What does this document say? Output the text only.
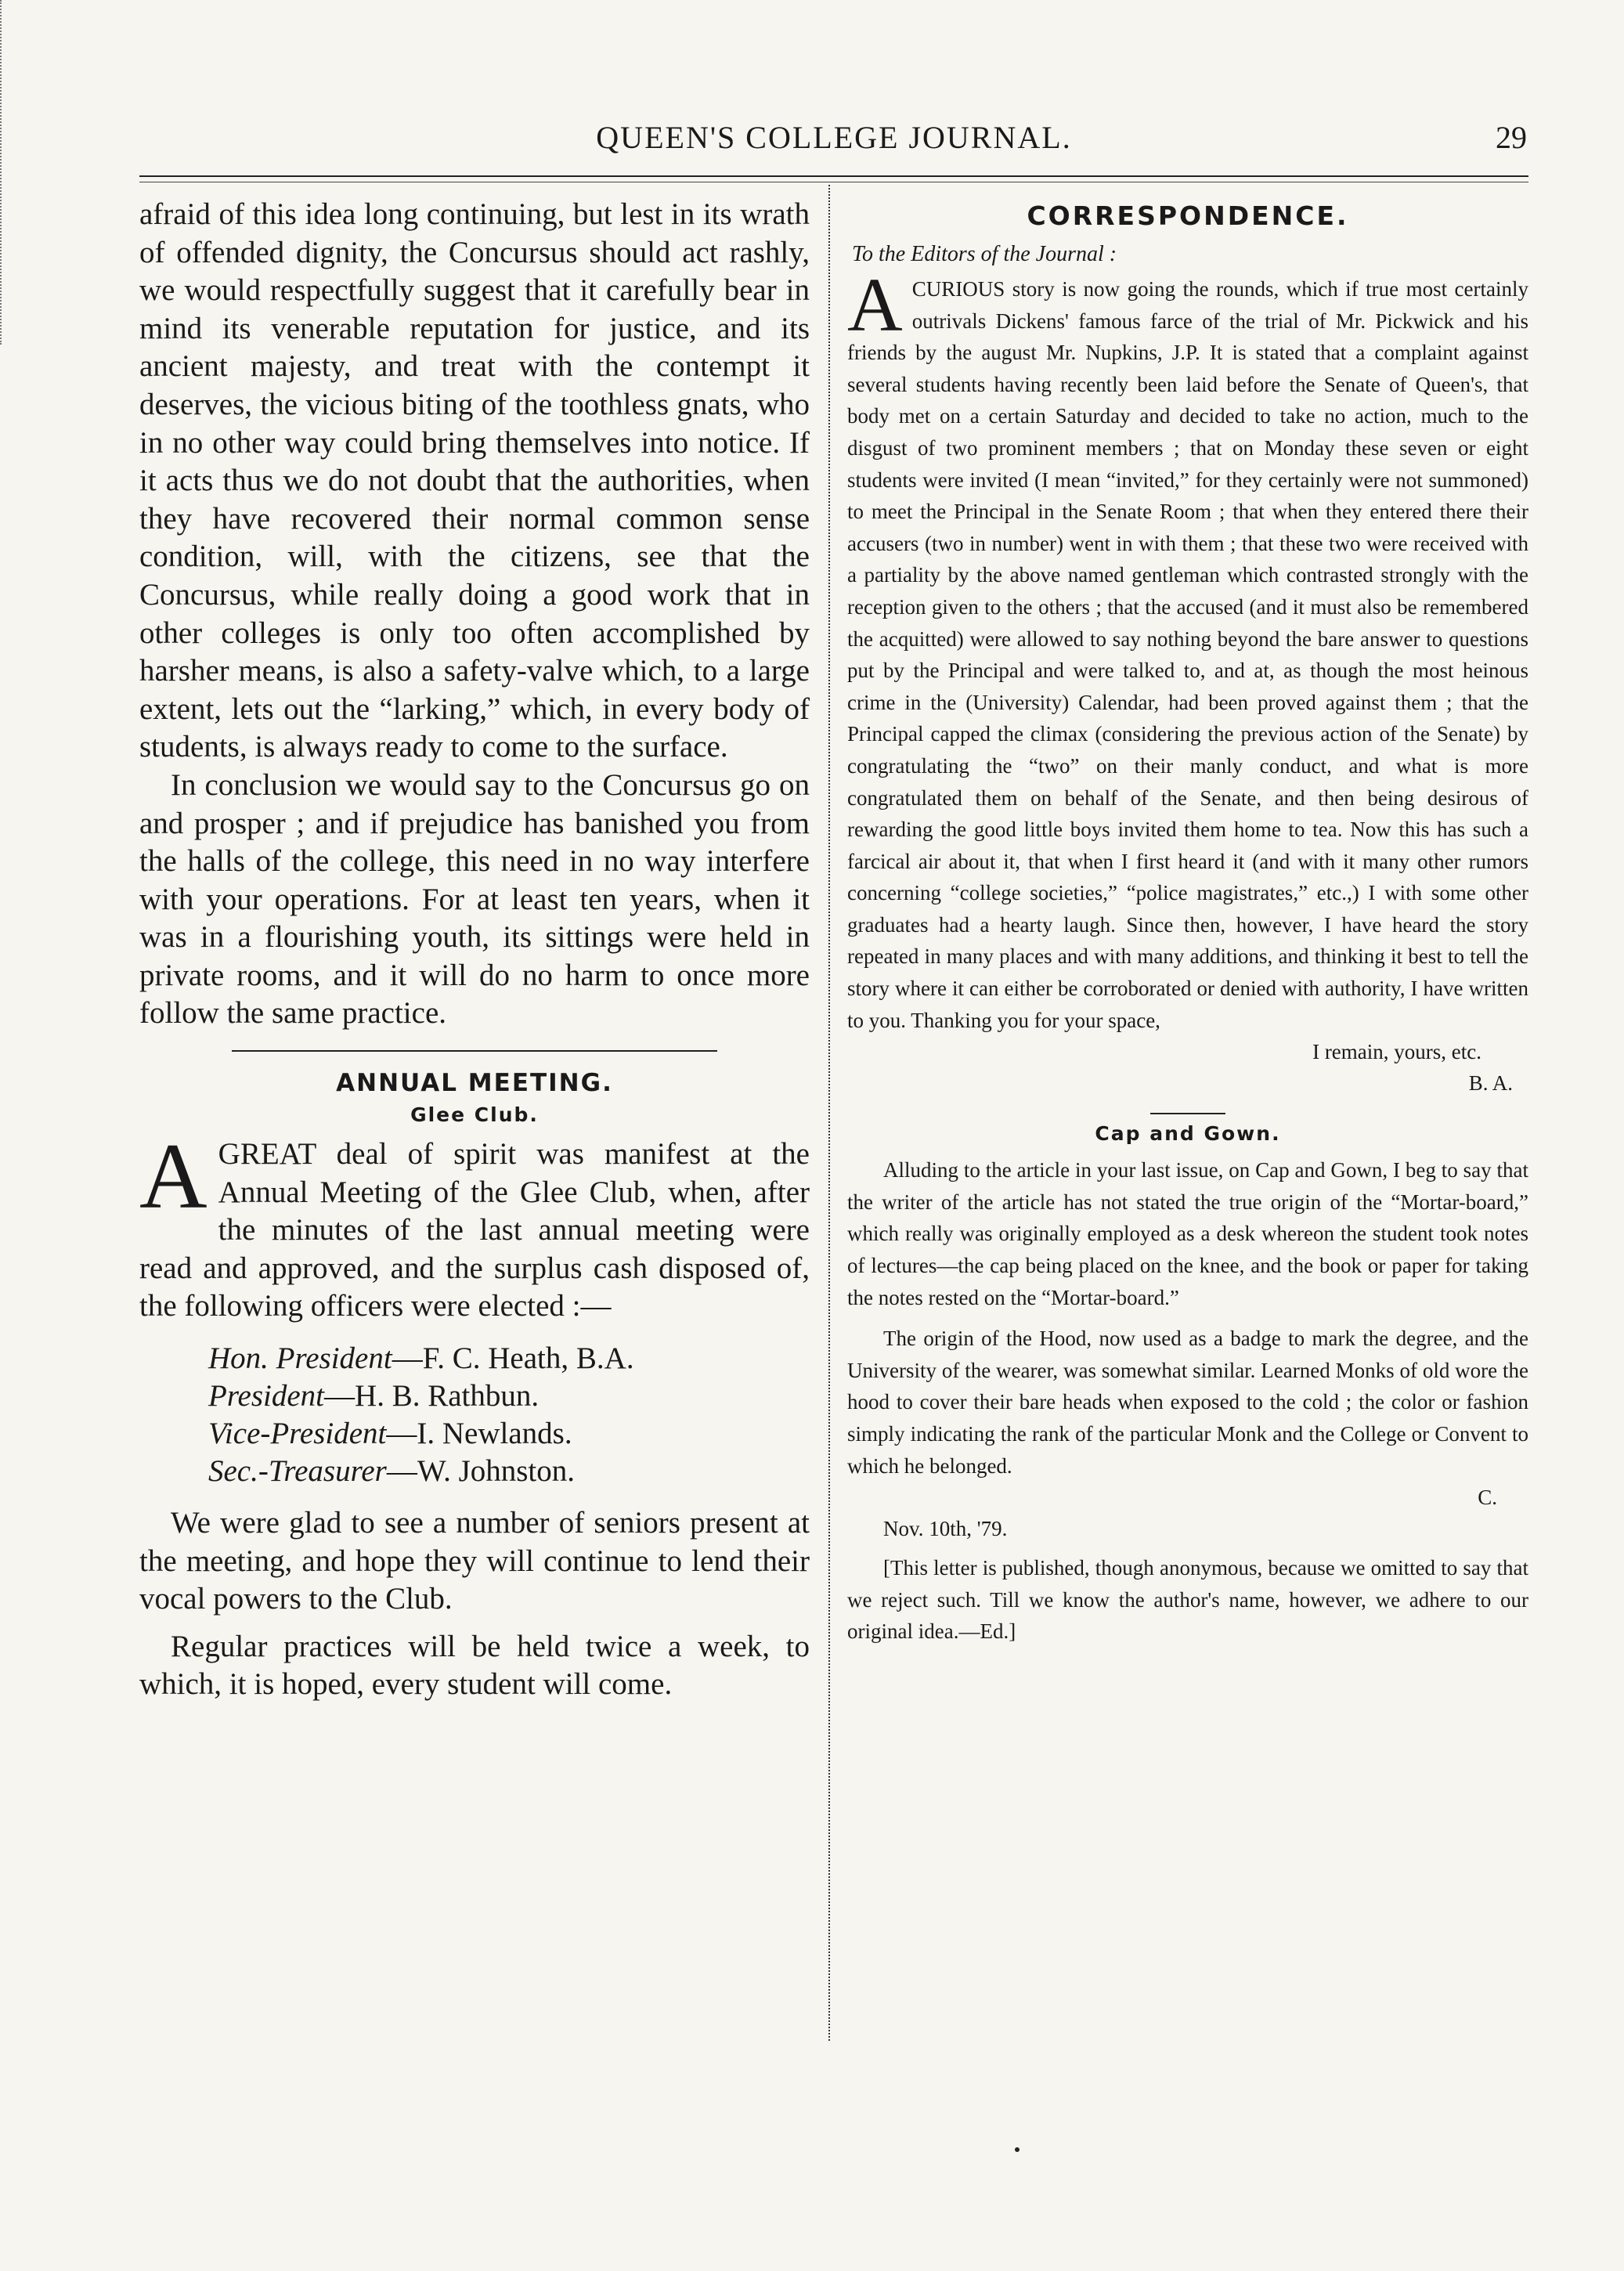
QUEEN'S COLLEGE JOURNAL.	29

afraid of this idea long continuing, but lest in its wrath of offended dignity, the Concursus should act rashly, we would respectfully suggest that it carefully bear in mind its venerable reputation for justice, and its ancient majesty, and treat with the contempt it deserves, the vicious biting of the toothless gnats, who in no other way could bring themselves into notice. If it acts thus we do not doubt that the authorities, when they have recovered their normal common sense condition, will, with the citizens, see that the Concursus, while really doing a good work that in other colleges is only too often accomplished by harsher means, is also a safety-valve which, to a large extent, lets out the “larking,” which, in every body of students, is always ready to come to the surface.

In conclusion we would say to the Concursus go on and prosper ; and if prejudice has banished you from the halls of the college, this need in no way interfere with your operations. For at least ten years, when it was in a flourishing youth, its sittings were held in private rooms, and it will do no harm to once more follow the same practice.

ANNUAL MEETING.
Glee Club.

AGREAT deal of spirit was manifest at the Annual Meeting of the Glee Club, when, after the minutes of the last annual meeting were read and approved, and the surplus cash disposed of, the following officers were elected :—

Hon. President—F. C. Heath, B.A.
President—H. B. Rathbun.
Vice-President—I. Newlands.
Sec.-Treasurer—W. Johnston.

We were glad to see a number of seniors present at the meeting, and hope they will continue to lend their vocal powers to the Club.

Regular practices will be held twice a week, to which, it is hoped, every student will come.

CORRESPONDENCE.
To the Editors of the Journal :

ACURIOUS story is now going the rounds, which if true most certainly outrivals Dickens' famous farce of the trial of Mr. Pickwick and his friends by the august Mr. Nupkins, J.P. It is stated that a complaint against several students having recently been laid before the Senate of Queen's, that body met on a certain Saturday and decided to take no action, much to the disgust of two prominent members ; that on Monday these seven or eight students were invited (I mean “invited,” for they certainly were not summoned) to meet the Principal in the Senate Room ; that when they entered there their accusers (two in number) went in with them ; that these two were received with a partiality by the above named gentleman which contrasted strongly with the reception given to the others ; that the accused (and it must also be remembered the acquitted) were allowed to say nothing beyond the bare answer to questions put by the Principal and were talked to, and at, as though the most heinous crime in the (University) Calendar, had been proved against them ; that the Principal capped the climax (considering the previous action of the Senate) by congratulating the “two” on their manly conduct, and what is more congratulated them on behalf of the Senate, and then being desirous of rewarding the good little boys invited them home to tea. Now this has such a farcical air about it, that when I first heard it (and with it many other rumors concerning “college societies,” “police magistrates,” etc.,) I with some other graduates had a hearty laugh. Since then, however, I have heard the story repeated in many places and with many additions, and thinking it best to tell the story where it can either be corroborated or denied with authority, I have written to you. Thanking you for your space,

I remain, yours, etc.
B. A.
Cap and Gown.

Alluding to the article in your last issue, on Cap and Gown, I beg to say that the writer of the article has not stated the true origin of the “Mortar-board,” which really was originally employed as a desk whereon the student took notes of lectures—the cap being placed on the knee, and the book or paper for taking the notes rested on the “Mortar-board.”

The origin of the Hood, now used as a badge to mark the degree, and the University of the wearer, was somewhat similar. Learned Monks of old wore the hood to cover their bare heads when exposed to the cold ; the color or fashion simply indicating the rank of the particular Monk and the College or Convent to which he belonged.

C.
Nov. 10th, '79.

[This letter is published, though anonymous, because we omitted to say that we reject such. Till we know the author's name, however, we adhere to our original idea.—Ed.]
